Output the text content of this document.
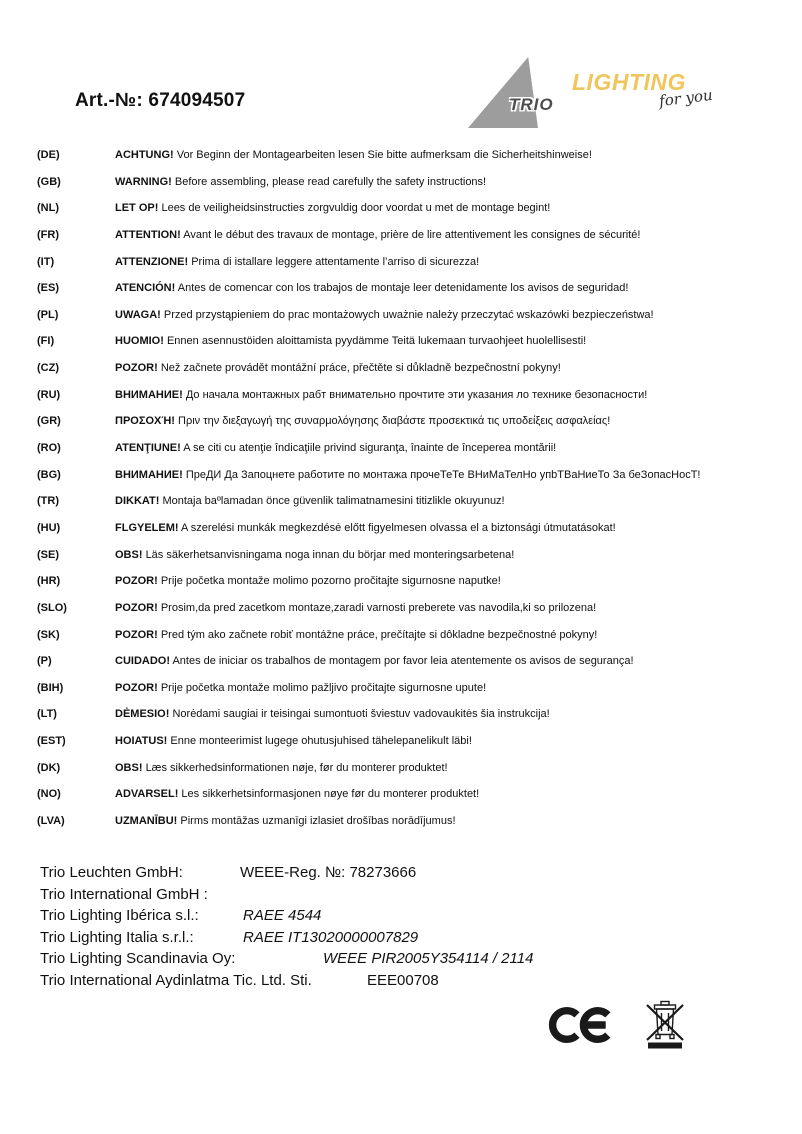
Art.-№: 674094507	TRIO
LIGHTING
for you
(DE)	ACHTUNG! Vor Beginn der Montagearbeiten lesen Sie bitte aufmerksam die Sicherheitshinweise!
(GB)	WARNING! Before assembling, please read carefully the safety instructions!
(NL)	LET OP! Lees de veiligheidsinstructies zorgvuldig door voordat u met de montage begint!
(FR)	ATTENTION! Avant le début des travaux de montage, prière de lire attentivement les consignes de sécurité!
(IT)	ATTENZIONE! Prima di istallare leggere attentamente l’arriso di sicurezza!
(ES)	ATENCIÓN! Antes de comencar con los trabajos de montaje leer detenidamente los avisos de seguridad!
(PL)	UWAGA! Przed przystąpieniem do prac montażowych uważnie należy przeczytać wskazówki bezpieczeństwa!
(FI)	HUOMIO! Ennen asennustöiden aloittamista pyydämme Teitä lukemaan turvaohjeet huolellisesti!
(CZ)	POZOR! Než začnete provádět montážní práce, přečtěte si důkladně bezpečnostní pokyny!
(RU)	ВНИМАНИЕ! До начала монтажных рабт внимательно прочтите эти указания ло технике безопасности!
(GR)	ΠΡΟΣΟΧΉ! Πριν την διεξαγωγή της συναρμολόγησης διαβάστε προσεκτικά τις υποδείξεις ασφαλείας!
(RO)	ATENŢIUNE! A se citi cu atenţie îndicaţiile privind siguranţa, înainte de începerea montării!
(BG)	ВНИМАНИЕ! ПреДИ Да Запоцнете работите по монтажа прочеТеТе ВНиМаТелНо упbТВаНиеТо За беЗопасНосТ!
(TR)	DIKKAT! Montaja baºlamadan önce güvenlik talimatnamesini titizlikle okuyunuz!
(HU)	FLGYELEM! A szerelési munkák megkezdésė előtt figyelmesen olvassa el a biztonsági útmutatásokat!
(SE)	OBS! Läs säkerhetsanvisningama noga innan du börjar med monteringsarbetena!
(HR)	POZOR! Prije početka montaže molimo pozorno pročitajte sigurnosne naputke!
(SLO)	POZOR! Prosim,da pred zacetkom montaze,zaradi varnosti preberete vas navodila,ki so prilozena!
(SK)	POZOR! Pred tým ako začnete robiť montážne práce, prečítajte si dôkladne bezpečnostné pokyny!
(P)	CUIDADO! Antes de iniciar os trabalhos de montagem por favor leia atentemente os avisos de segurança!
(BIH)	POZOR! Prije početka montaže molimo pažljivo pročitajte sigurnosne upute!
(LT)	DĖMESIO! Norėdami saugiai ir teisingai sumontuoti šviestuv vadovaukitės šia instrukcija!
(EST)	HOIATUS! Enne monteerimist lugege ohutusjuhised tähelepanelikult läbi!
(DK)	OBS! Læs sikkerhedsinformationen nøje, før du monterer produktet!
(NO)	ADVARSEL! Les sikkerhetsinformasjonen nøye før du monterer produktet!
(LVA)	UZMANĪBU! Pirms montāžas uzmanīgi izlasiet drošības norādījumus!
Trio Leuchten GmbH:	WEEE-Reg. №: 78273666
Trio International GmbH :
Trio Lighting Ibérica s.l.:	RAEE 4544
Trio Lighting Italia s.r.l.:	RAEE IT13020000007829
Trio Lighting Scandinavia Oy:	WEEE PIR2005Y354114 / 2114
Trio International Aydinlatma Tic. Ltd. Sti.	EEE00708
